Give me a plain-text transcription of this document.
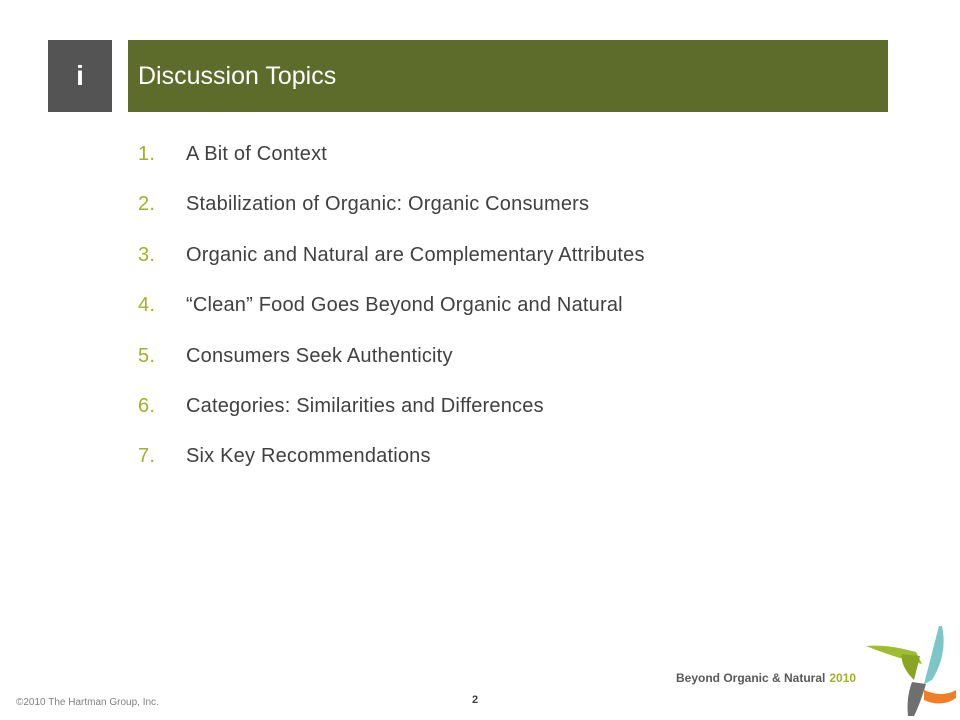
i	Discussion Topics
1.	A Bit of Context
2.	Stabilization of Organic: Organic Consumers
3.	Organic and Natural are Complementary Attributes
4.	“Clean” Food Goes Beyond Organic and Natural
5.	Consumers Seek Authenticity
6.	Categories: Similarities and Differences
7.	Six Key Recommendations
©2010 The Hartman Group, Inc.	2
Beyond Organic & Natural 2010
